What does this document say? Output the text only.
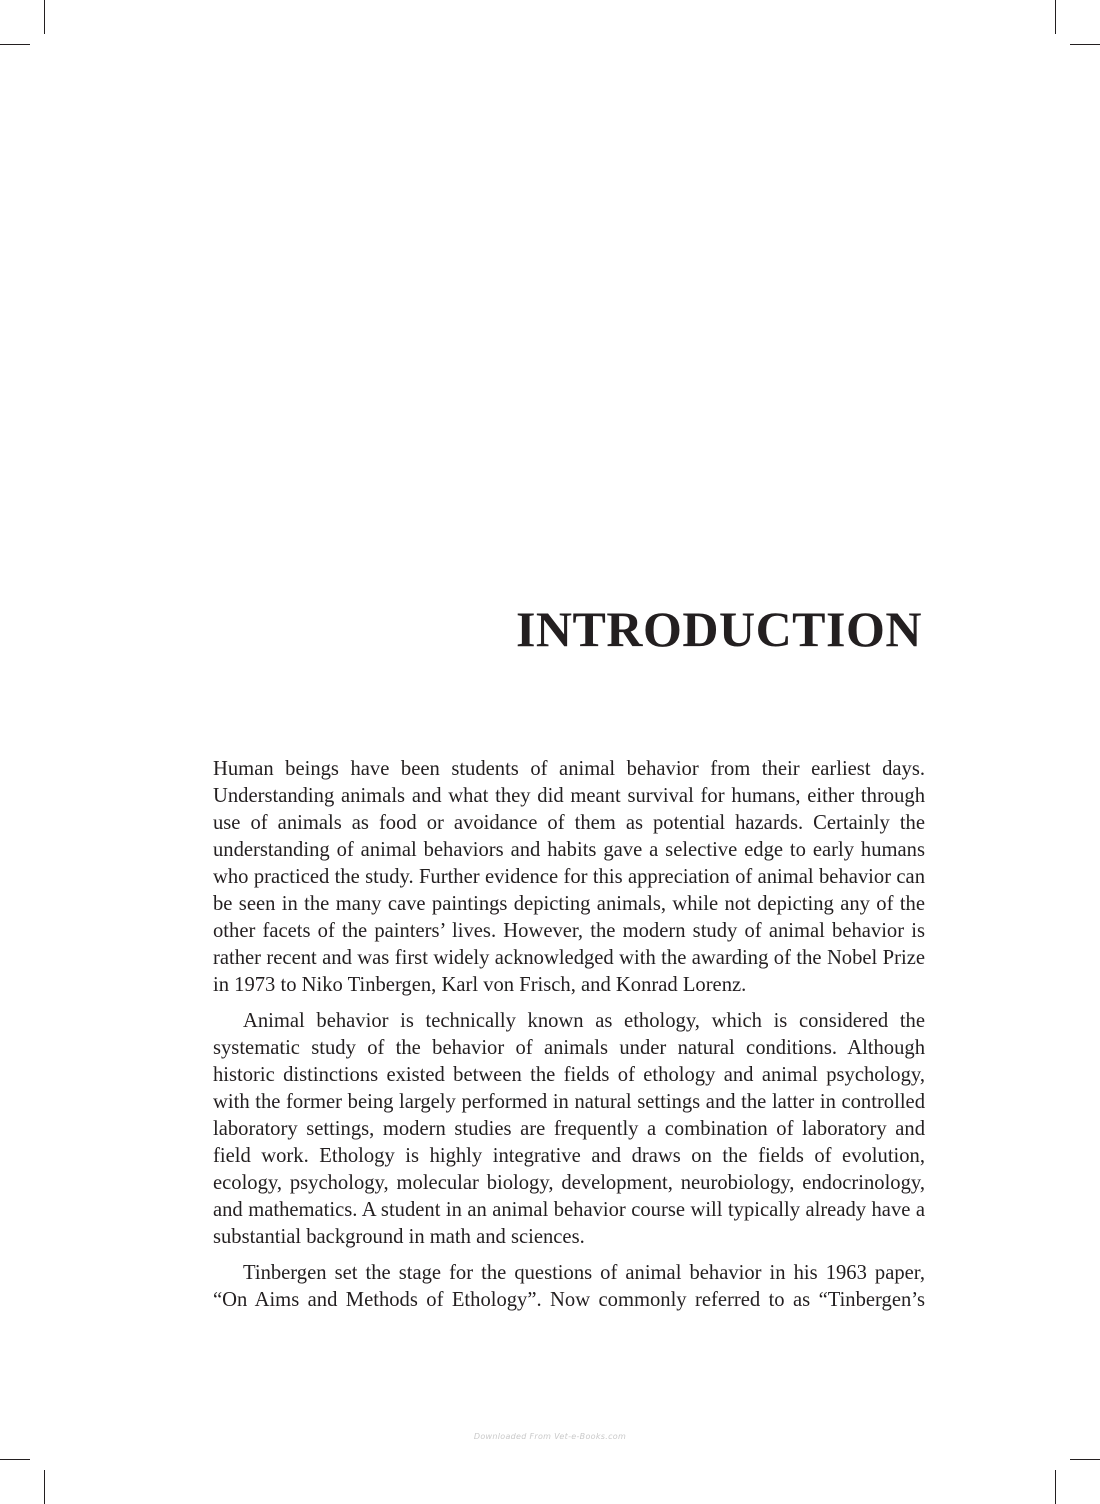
INTRODUCTION

Human beings have been students of animal behavior from their earliest days. Understanding animals and what they did meant survival for humans, either through use of animals as food or avoidance of them as potential hazards. Certainly the understanding of animal behaviors and habits gave a selective edge to early humans who practiced the study. Further evidence for this appreciation of animal behavior can be seen in the many cave paintings depicting animals, while not depicting any of the other facets of the painters’ lives. However, the modern study of animal behavior is rather recent and was first widely acknowledged with the awarding of the Nobel Prize in 1973 to Niko Tinbergen, Karl von Frisch, and Konrad Lorenz.

Animal behavior is technically known as ethology, which is considered the systematic study of the behavior of animals under natural conditions. Although historic distinctions existed between the fields of ethology and animal psychology, with the former being largely performed in natural settings and the latter in controlled laboratory settings, modern studies are frequently a combination of laboratory and field work. Ethology is highly integrative and draws on the fields of evolution, ecology, psychology, molecular biology, development, neurobiology, endocrinology, and mathematics. A student in an animal behavior course will typically already have a substantial background in math and sciences.

Tinbergen set the stage for the questions of animal behavior in his 1963 paper, “On Aims and Methods of Ethology”. Now commonly referred to as “Tinbergen’s

Downloaded From Vet-e-Books.com
